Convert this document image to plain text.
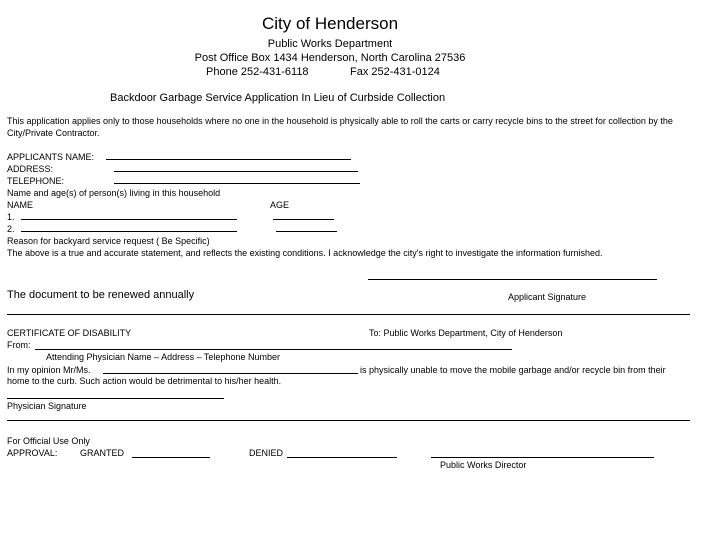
City of Henderson
Public Works Department
Post Office Box 1434 Henderson, North Carolina 27536
Phone 252-431-6118	Fax 252-431-0124
Backdoor Garbage Service Application In Lieu of Curbside Collection
This application applies only to those households where no one in the household is physically able to roll the carts or carry recycle bins to the street for collection by the City/Private Contractor.
APPLICANTS NAME:
ADDRESS:
TELEPHONE:
Name and age(s) of person(s) living in this household
NAME	AGE
1.
2.
Reason for backyard service request ( Be Specific)
The above is a true and accurate statement, and reflects the existing conditions. I acknowledge the city's right to investigate the information furnished.
The document to be renewed annually	Applicant Signature
CERTIFICATE OF DISABILITY	To: Public Works Department, City of Henderson
From:
Attending Physician Name – Address – Telephone Number
In my opinion Mr/Ms.	is physically unable to move the mobile garbage and/or recycle bin from their
home to the curb. Such action would be detrimental to his/her health.
Physician Signature
For Official Use Only
APPROVAL:	GRANTED	DENIED
Public Works Director
